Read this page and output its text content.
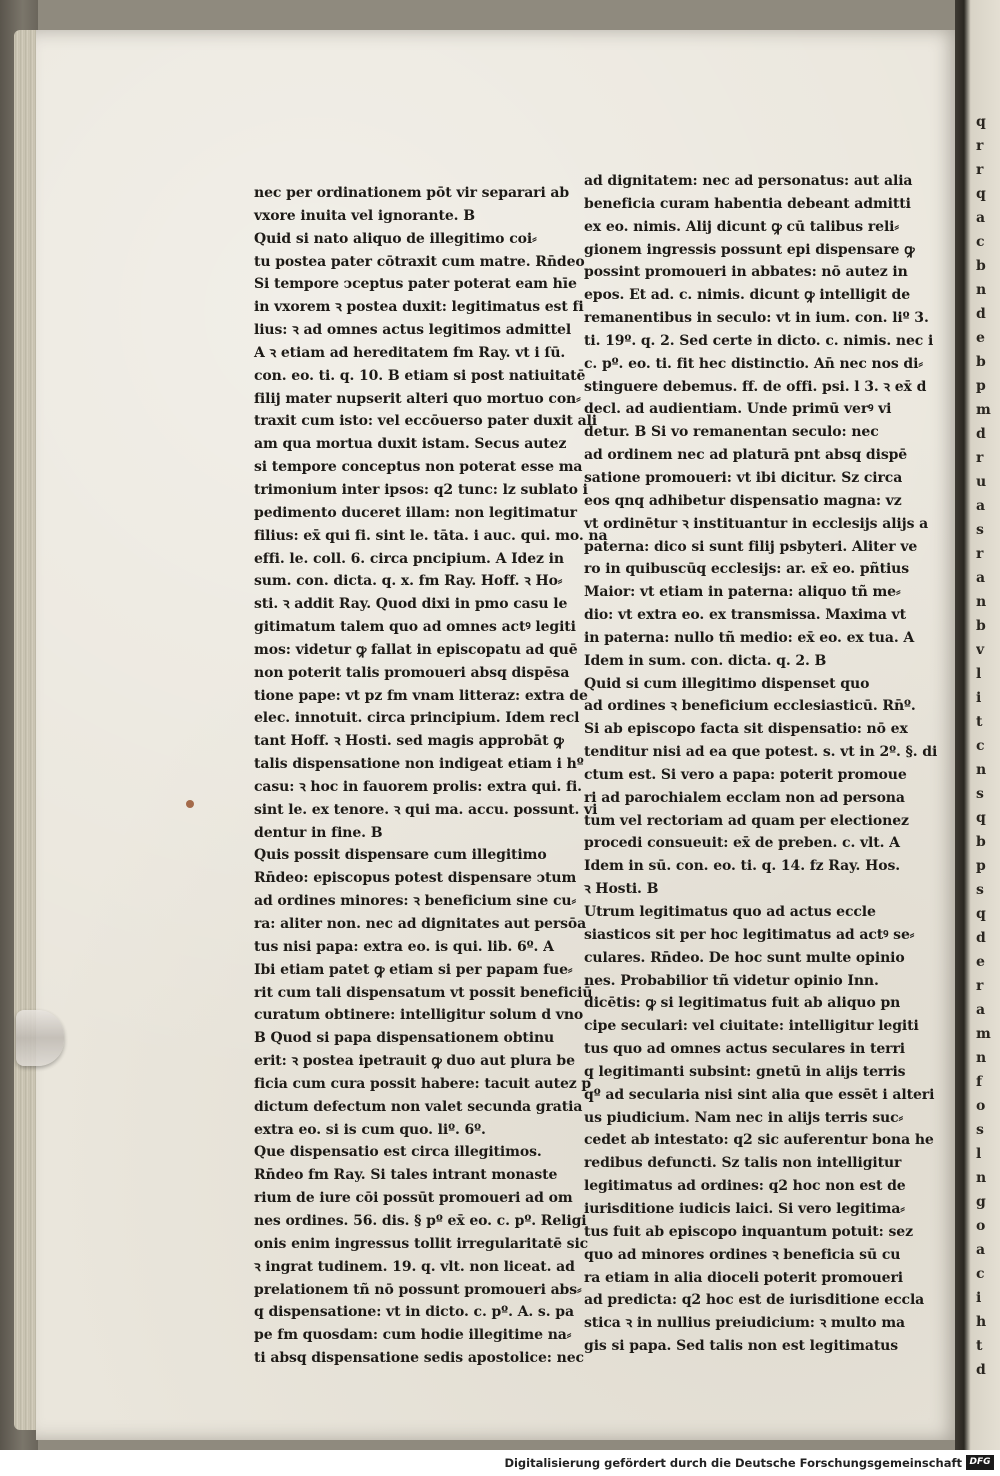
q
r
r
q
a
c
b
n
d
e
b
p
m
d
r
u
a
s
r
a
n
b
v
l
i
t
c
n
s
q
b
p
s
q
d
e
r
a
m
n
f
o
s
l
n
g
o
a
c
i
h
t
d
nec per ordinationem pōt vir separari ab
vxore inuita vel ignorante. B
Quid si nato aliquo de illegitimo coi⸗
tu postea pater cōtraxit cum matre. Rn̄deo
Si tempore ↄceptus pater poterat eam hīe
in vxorem ꝛ postea duxit: legitimatus est fi
lius: ꝛ ad omnes actus legitimos admittel
A ꝛ etiam ad hereditatem fm Ray. vt i ſū.
con. eo. ti. q. 10. B etiam si post natiuitatē
filij mater nupserit alteri quo mortuo con⸗
traxit cum isto: vel eccōuerso pater duxit ali
am qua mortua duxit istam. Secus autez
si tempore conceptus non poterat esse ma
trimonium inter ipsos: q2 tunc: lz sublato i
pedimento duceret illam: non legitimatur
filius: ex̄ qui fi. sint le. tāta. i auc. qui. mo. na
effi. le. coll. 6. circa pncipium. A Idez in
sum. con. dicta. q. x. fm Ray. Hoff. ꝛ Ho⸗
sti. ꝛ addit Ray. Quod dixi in pmo casu le
gitimatum talem quo ad omnes actꝰ legiti
mos: videtur ꝙ fallat in episcopatu ad quē
non poterit talis promoueri absq dispēsa
tione pape: vt pz fm vnam litteraz: extra de
elec. innotuit. circa principium. Idem recl
tant Hoff. ꝛ Hosti. sed magis approbāt ꝙ
talis dispensatione non indigeat etiam i hº
casu: ꝛ hoc in fauorem prolis: extra qui. fi.
sint le. ex tenore. ꝛ qui ma. accu. possunt. vi
dentur in fine. B
Quis possit dispensare cum illegitimo
Rn̄deo: episcopus potest dispensare ↄtum
ad ordines minores: ꝛ beneficium sine cu⸗
ra: aliter non. nec ad dignitates aut persōa
tus nisi papa: extra eo. is qui. lib. 6º. A
Ibi etiam patet ꝙ etiam si per papam fue⸗
rit cum tali dispensatum vt possit beneficiū
curatum obtinere: intelligitur solum d vno
B Quod si papa dispensationem obtinu
erit: ꝛ postea ipetrauit ꝙ duo aut plura be
ficia cum cura possit habere: tacuit autez p
dictum defectum non valet secunda gratia
extra eo. si is cum quo. liº. 6º.
Que dispensatio est circa illegitimos.
Rn̄deo fm Ray. Si tales intrant monaste
rium de iure cōi possūt promoueri ad om
nes ordines. 56. dis. § pº ex̄ eo. c. pº. Religi
onis enim ingressus tollit irregularitatē sic
ꝛ ingrat tudinem. 19. q. vlt. non liceat. ad
prelationem tñ nō possunt promoueri abs⸗
q dispensatione: vt in dicto. c. pº. A. s. pa
pe fm quosdam: cum hodie illegitime na⸗
ti absq dispensatione sedis apostolice: nec
ad dignitatem: nec ad personatus: aut alia
beneficia curam habentia debeant admitti
ex eo. nimis. Alij dicunt ꝙ cū talibus reli⸗
gionem ingressis possunt epi dispensare ꝙ
possint promoueri in abbates: nō autez in
epos. Et ad. c. nimis. dicunt ꝙ intelligit de
remanentibus in seculo: vt in ium. con. liº 3.
ti. 19º. q. 2. Sed certe in dicto. c. nimis. nec i
c. pº. eo. ti. fit hec distinctio. An̄ nec nos di⸗
stinguere debemus. ff. de offi. psi. l 3. ꝛ ex̄ d
decl. ad audientiam. Unde primū verꝰ vi
detur. B Si vo remanentan seculo: nec
ad ordinem nec ad platurā pnt absq dispē
satione promoueri: vt ibi dicitur. Sz circa
eos qnq adhibetur dispensatio magna: vz
vt ordinētur ꝛ instituantur in ecclesijs alijs a
paterna: dico si sunt filij psbyteri. Aliter ve
ro in quibuscūq ecclesijs: ar. ex̄ eo. pñtius
Maior: vt etiam in paterna: aliquo tñ me⸗
dio: vt extra eo. ex transmissa. Maxima vt
in paterna: nullo tñ medio: ex̄ eo. ex tua. A
Idem in sum. con. dicta. q. 2. B
Quid si cum illegitimo dispenset quo
ad ordines ꝛ beneficium ecclesiasticū. Rn̄º.
Si ab episcopo facta sit dispensatio: nō ex
tenditur nisi ad ea que potest. s. vt in 2º. §. di
ctum est. Si vero a papa: poterit promoue
ri ad parochialem ecclam non ad persona
tum vel rectoriam ad quam per electionez
procedi consueuit: ex̄ de preben. c. vlt. A
Idem in sū. con. eo. ti. q. 14. fz Ray. Hos.
ꝛ Hosti. B
Utrum legitimatus quo ad actus eccle
siasticos sit per hoc legitimatus ad actꝰ se⸗
culares. Rn̄deo. De hoc sunt multe opinio
nes. Probabilior tñ videtur opinio Inn.
dicētis: ꝙ si legitimatus fuit ab aliquo pn
cipe seculari: vel ciuitate: intelligitur legiti
tus quo ad omnes actus seculares in terri
q legitimanti subsint: gnetū in alijs terris
qº ad secularia nisi sint alia que essēt i alteri
us piudicium. Nam nec in alijs terris suc⸗
cedet ab intestato: q2 sic auferentur bona he
redibus defuncti. Sz talis non intelligitur
legitimatus ad ordines: q2 hoc non est de
iurisditione iudicis laici. Si vero legitima⸗
tus fuit ab episcopo inquantum potuit: sez
quo ad minores ordines ꝛ beneficia sū cu
ra etiam in alia dioceli poterit promoueri
ad predicta: q2 hoc est de iurisditione eccla
stica ꝛ in nullius preiudicium: ꝛ multo ma
gis si papa. Sed talis non est legitimatus
Digitalisierung gefördert durch die Deutsche Forschungsgemeinschaft DFG
